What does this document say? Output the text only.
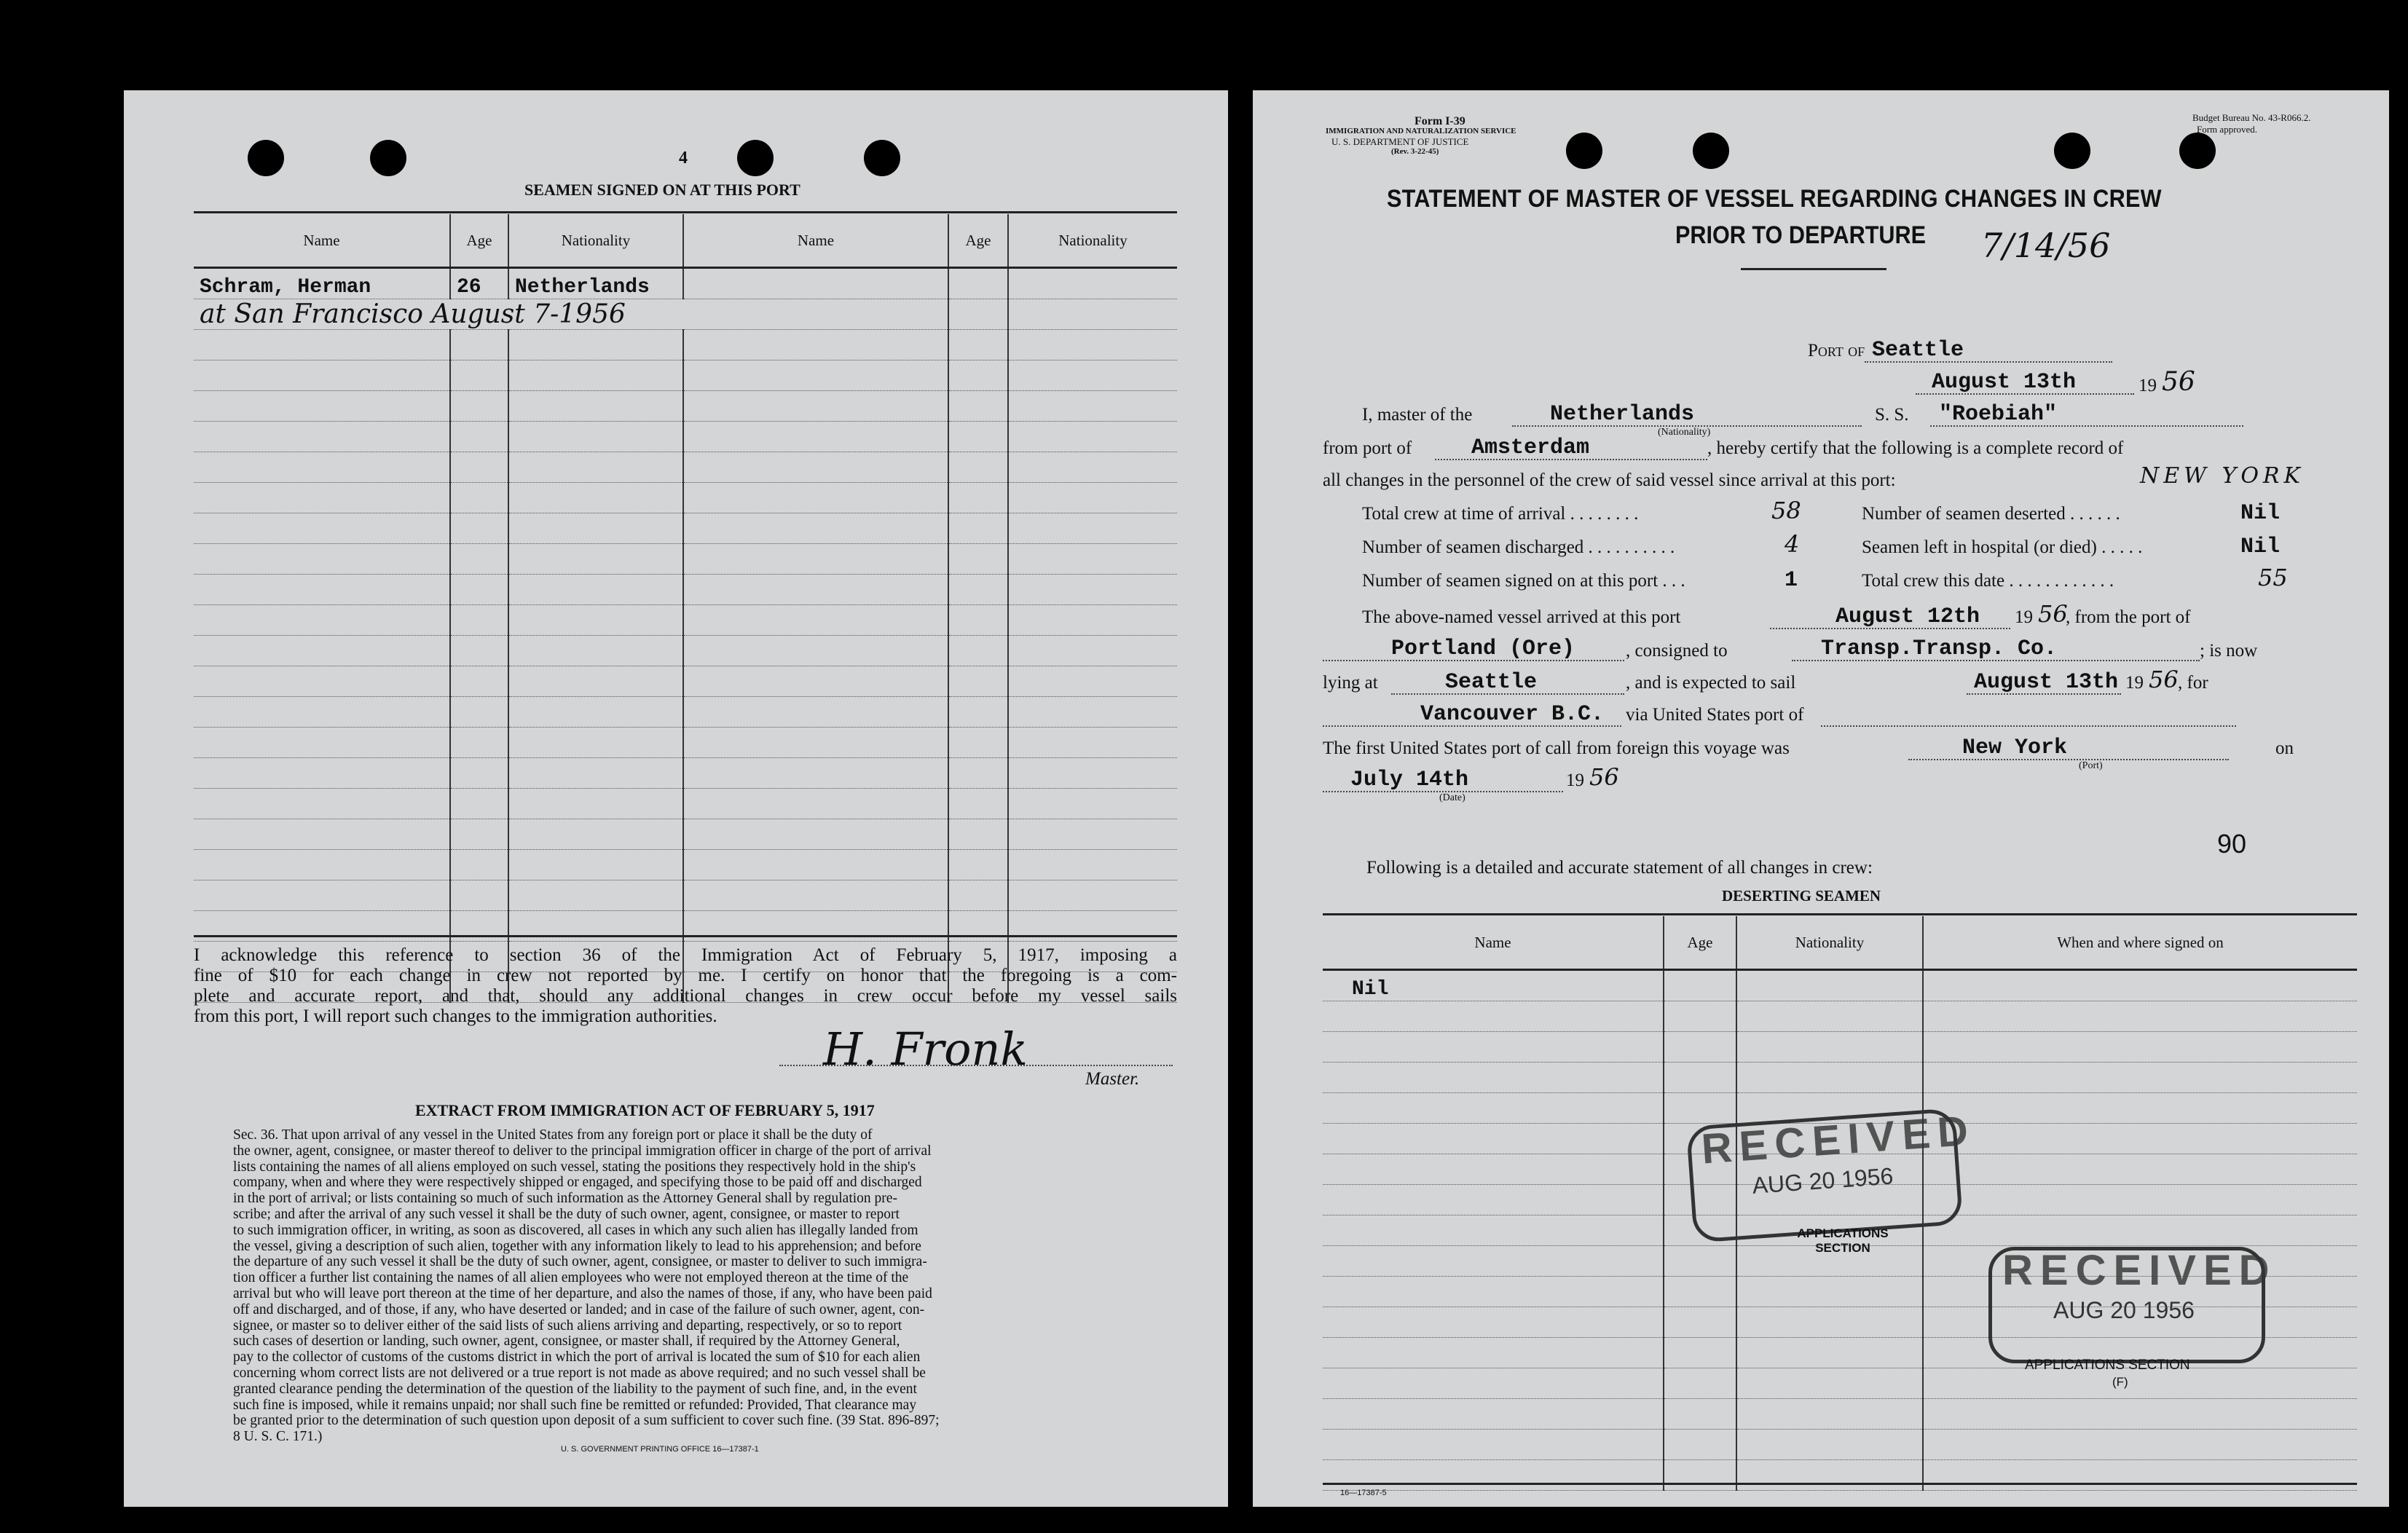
4
SEAMEN SIGNED ON AT THIS PORT
Name	Age	Nationality	Name	Age	Nationality
Schram, Herman	26	Netherlands			
at San Francisco August 7-1956					

I acknowledge this reference to section 36 of the Immigration Act of February 5, 1917, imposing a
fine of $10 for each change in crew not reported by me. I certify on honor that the foregoing is a com-
plete and accurate report, and that, should any additional changes in crew occur before my vessel sails
from this port, I will report such changes to the immigration authorities.
H. Fronk
Master.
EXTRACT FROM IMMIGRATION ACT OF FEBRUARY 5, 1917
Sec. 36. That upon arrival of any vessel in the United States from any foreign port or place it shall be the duty of
the owner, agent, consignee, or master thereof to deliver to the principal immigration officer in charge of the port of arrival
lists containing the names of all aliens employed on such vessel, stating the positions they respectively hold in the ship's
company, when and where they were respectively shipped or engaged, and specifying those to be paid off and discharged
in the port of arrival; or lists containing so much of such information as the Attorney General shall by regulation pre-
scribe; and after the arrival of any such vessel it shall be the duty of such owner, agent, consignee, or master to report
to such immigration officer, in writing, as soon as discovered, all cases in which any such alien has illegally landed from
the vessel, giving a description of such alien, together with any information likely to lead to his apprehension; and before
the departure of any such vessel it shall be the duty of such owner, agent, consignee, or master to deliver to such immigra-
tion officer a further list containing the names of all alien employees who were not employed thereon at the time of the
arrival but who will leave port thereon at the time of her departure, and also the names of those, if any, who have been paid
off and discharged, and of those, if any, who have deserted or landed; and in case of the failure of such owner, agent, con-
signee, or master so to deliver either of the said lists of such aliens arriving and departing, respectively, or so to report
such cases of desertion or landing, such owner, agent, consignee, or master shall, if required by the Attorney General,
pay to the collector of customs of the customs district in which the port of arrival is located the sum of $10 for each alien
concerning whom correct lists are not delivered or a true report is not made as above required; and no such vessel shall be
granted clearance pending the determination of the question of the liability to the payment of such fine, and, in the event
such fine is imposed, while it remains unpaid; nor shall such fine be remitted or refunded: Provided, That clearance may
be granted prior to the determination of such question upon deposit of a sum sufficient to cover such fine. (39 Stat. 896-897;
8 U. S. C. 171.)
U. S. GOVERNMENT PRINTING OFFICE 16—17387-1
Form I-39
IMMIGRATION AND NATURALIZATION SERVICE
U. S. DEPARTMENT OF JUSTICE
(Rev. 3-22-45)
Budget Bureau No. 43-R066.2.
Form approved.
STATEMENT OF MASTER OF VESSEL REGARDING CHANGES IN CREW
PRIOR TO DEPARTURE 7/14/56
Port of Seattle
August 13th	19 56
I, master of the	Netherlands
(Nationality)
S. S. "Roebiah"
from port of	Amsterdam	, hereby certify that the following is a complete record of
all changes in the personnel of the crew of said vessel since arrival at this port:	NEW YORK
Total crew at time of arrival . . . . . . . .	58	Number of seamen deserted . . . . . .	Nil
Number of seamen discharged . . . . . . . . . .	4	Seamen left in hospital (or died) . . . . .	Nil
Number of seamen signed on at this port . . .	1	Total crew this date . . . . . . . . . . . .	55
The above-named vessel arrived at this port	August 12th 19 56
, from the port of
Portland (Ore)	, consigned to	Transp.Transp. Co.	; is now
lying at	Seattle	, and is expected to sail	August 13th 19 56 , for
Vancouver B.C. via United States port of
The first United States port of call from foreign this voyage was	New York
(Port)
on
July 14th
(Date)
19 56
90
Following is a detailed and accurate statement of all changes in crew:
DESERTING SEAMEN
Name	Age	Nationality	When and where signed on
Nil			

16—17387-5
RECEIVED
AUG 20 1956
APPLICATIONS SECTION	RECEIVED
AUG 20 1956
APPLICATIONS SECTION
(F)
